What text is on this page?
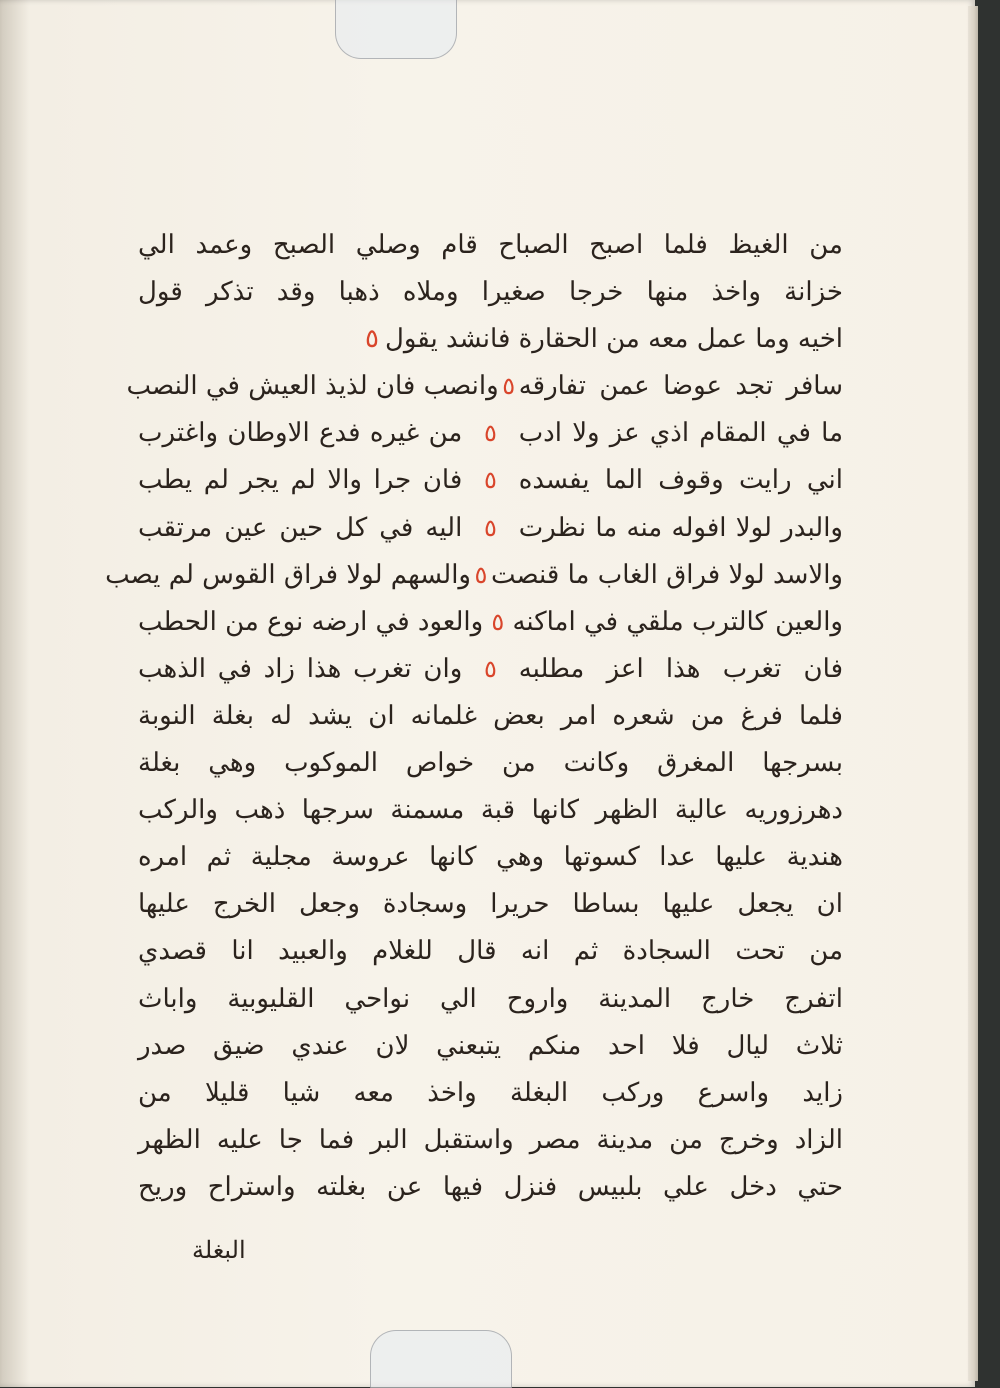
من الغيظ فلما اصبح الصباح قام وصلي الصبح وعمد الي
خزانة واخذ منها خرجا صغيرا وملاه ذهبا وقد تذكر قول
اخيه وما عمل معه من الحقارة فانشد يقول
٥
سافر تجد عوضا عمن تفارقه
٥
وانصب فان لذيذ العيش في النصب
ما في المقام اذي عز ولا ادب
٥
من غيره فدع الاوطان واغترب
اني رايت وقوف الما يفسده
٥
فان جرا والا لم يجر لم يطب
والبدر لولا افوله منه ما نظرت
٥
اليه في كل حين عين مرتقب
والاسد لولا فراق الغاب ما قنصت
٥
والسهم لولا فراق القوس لم يصب
والعين كالترب ملقي في اماكنه
٥
والعود في ارضه نوع من الحطب
فان تغرب هذا اعز مطلبه
٥
وان تغرب هذا زاد في الذهب
فلما فرغ من شعره امر بعض غلمانه ان يشد له بغلة النوبة
بسرجها المغرق وكانت من خواص الموكوب وهي بغلة
دهرزوريه عالية الظهر كانها قبة مسمنة سرجها ذهب والركب
هندية عليها عدا كسوتها وهي كانها عروسة مجلية ثم امره
ان يجعل عليها بساطا حريرا وسجادة وجعل الخرج عليها
من تحت السجادة ثم انه قال للغلام والعبيد انا قصدي
اتفرج خارج المدينة واروح الي نواحي القليوبية واباث
ثلاث ليال فلا احد منكم يتبعني لان عندي ضيق صدر
زايد واسرع وركب البغلة واخذ معه شيا قليلا من
الزاد وخرج من مدينة مصر واستقبل البر فما جا عليه الظهر
حتي دخل علي بلبيس فنزل فيها عن بغلته واستراح وريح
البغلة
